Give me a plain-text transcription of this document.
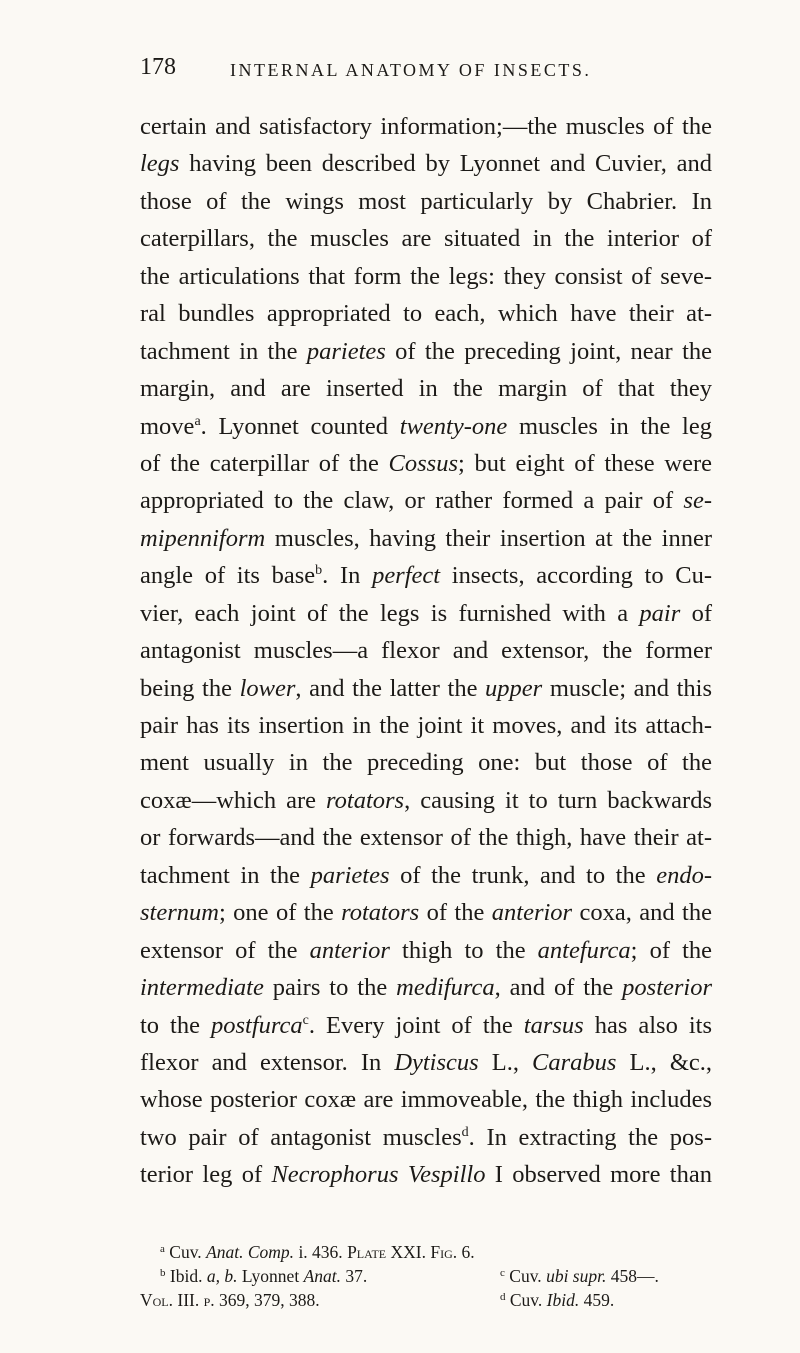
178	INTERNAL ANATOMY OF INSECTS.
certain and satisfactory information;—the muscles of the
legs having been described by Lyonnet and Cuvier, and
those of the wings most particularly by Chabrier. In
caterpillars, the muscles are situated in the interior of
the articulations that form the legs: they consist of seve-
ral bundles appropriated to each, which have their at-
tachment in the parietes of the preceding joint, near the
margin, and are inserted in the margin of that they
move$^a$. Lyonnet counted twenty-one muscles in the leg
of the caterpillar of the Cossus; but eight of these were
appropriated to the claw, or rather formed a pair of se-
mipenniform muscles, having their insertion at the inner
angle of its base$^b$. In perfect insects, according to Cu-
vier, each joint of the legs is furnished with a pair of
antagonist muscles—a flexor and extensor, the former
being the lower, and the latter the upper muscle; and this
pair has its insertion in the joint it moves, and its attach-
ment usually in the preceding one: but those of the
coxæ—which are rotators, causing it to turn backwards
or forwards—and the extensor of the thigh, have their at-
tachment in the parietes of the trunk, and to the endo-
sternum; one of the rotators of the anterior coxa, and the
extensor of the anterior thigh to the antefurca; of the
intermediate pairs to the medifurca, and of the posterior
to the postfurca$^c$. Every joint of the tarsus has also its
flexor and extensor. In Dytiscus L., Carabus L., &c.,
whose posterior coxæ are immoveable, the thigh includes
two pair of antagonist muscles$^d$. In extracting the pos-
terior leg of Necrophorus Vespillo I observed more than
$^a$ Cuv. Anat. Comp. i. 436. Plate XXI. Fig. 6.
$^b$ Ibid. a, b. Lyonnet Anat. 37.	$^c$ Cuv. ubi supr. 458—.
Vol. III. p. 369, 379, 388.	$^d$ Cuv. Ibid. 459.
